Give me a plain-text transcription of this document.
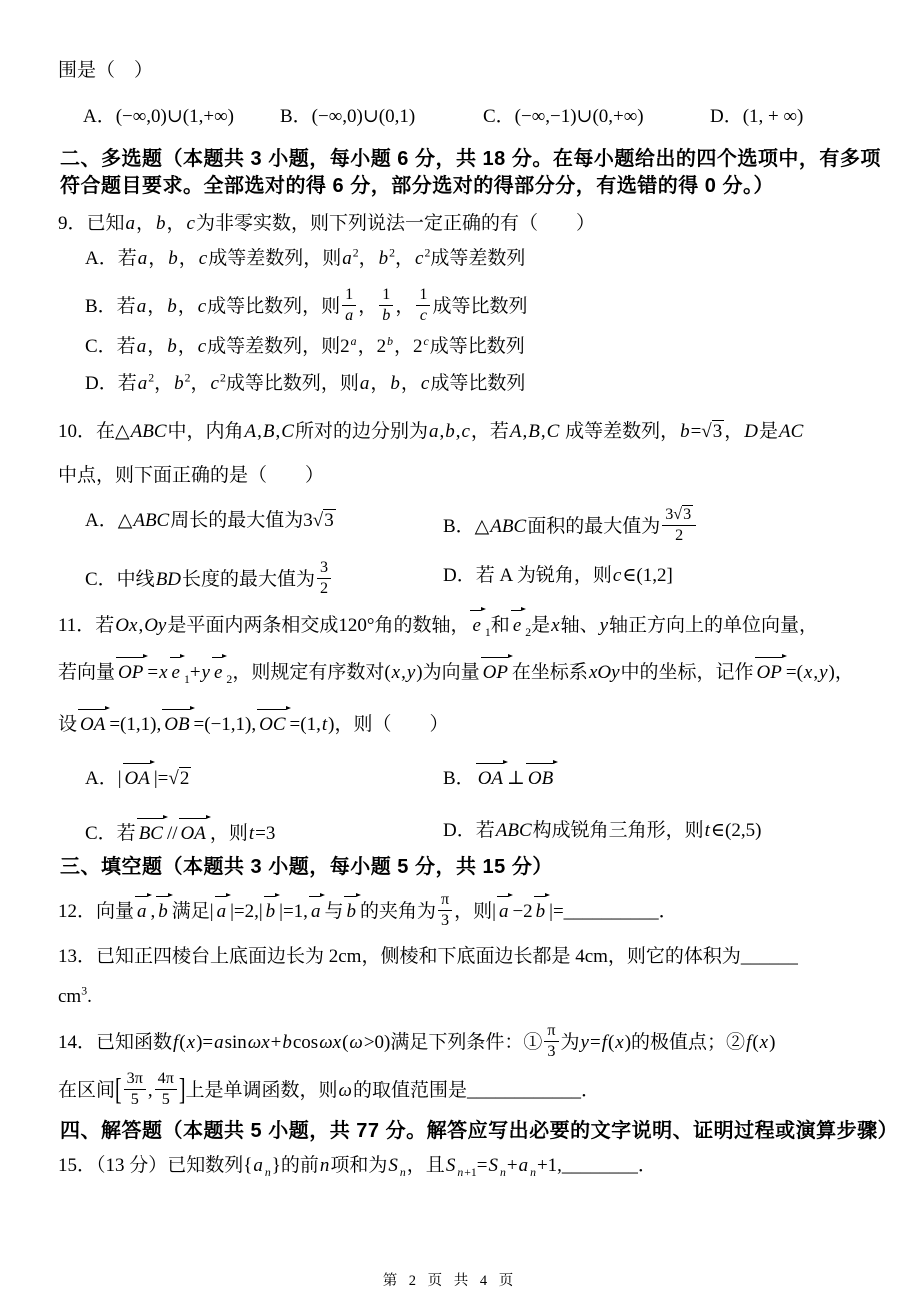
围是（　）
A．(−∞,0)∪(1,+∞) B．(−∞,0)∪(0,1)	C．(−∞,−1)∪(0,+∞)	D．(1, + ∞)
二、多选题（本题共 3 小题，每小题 6 分，共 18 分。在每小题给出的四个选项中，有多项
符合题目要求。全部选对的得 6 分，部分选对的得部分分，有选错的得 0 分。）
9．已知a，b，c为非零实数，则下列说法一定正确的有（　　）
A．若a，b，c成等差数列，则$a^2$，$b^2$，$c^2$成等差数列
B．若a，b，c成等比数列，则 $\frac{1}{a}$ ， $\frac{1}{b}$ ， $\frac{1}{c}$ 成等比数列
C．若a，b，c成等差数列，则2$^a$，2$^b$，2$^c$成等比数列
D．若$a^2$，$b^2$，$c^2$成等比数列，则a，b，c成等比数列
10．在△ABC中，内角A,B,C所对的边分别为a,b,c，若A,B,C 成等差数列，b=√3 ，D是AC
中点，则下面正确的是（　　）
A．△ABC周长的最大值为3√3	B．△ABC面积的最大值为 $\frac{3√3}{2}$
C．中线BD长度的最大值为 $\frac{3}{2}$	D．若 A 为锐角，则c∈(1,2]
11．若Ox,Oy是平面内两条相交成120°角的数轴， e $_1$和 e $_2$是x轴、y轴正方向上的单位向量，
若向量 OP =x e $_1$+y e $_2$，则规定有序数对(x,y)为向量 OP 在坐标系xOy中的坐标，记作 OP =(x,y)，
设 OA =(1,1), OB =(−1,1), OC =(1,t)，则（　　）
A．| OA |=√2	B． OA ⊥ OB
C．若 BC // OA ，则t=3	D．若ABC构成锐角三角形，则t∈(2,5)
三、填空题（本题共 3 小题，每小题 5 分，共 15 分）
12．向量 a , b 满足| a |=2,| b |=1, a 与 b 的夹角为 $\frac{\pi}{3}$ ，则| a −2 b |=__________．
13．已知正四棱台上底面边长为 2cm，侧棱和下底面边长都是 4cm，则它的体积为______
$cm^3$.
14．已知函数f(x)=asinωx+bcosωx(ω>0)满足下列条件：① $\frac{\pi}{3}$ 为y=f(x)的极值点；②f(x)
在区间[ $\frac{3\pi}{5}$ , $\frac{4\pi}{5}$ ]上是单调函数，则ω的取值范围是____________．
四、解答题（本题共 5 小题，共 77 分。解答应写出必要的文字说明、证明过程或演算步骤）
15．（13 分）已知数列{a $_n$}的前n项和为S $_n$，且S $_{n+1}$=S $_n$+a $_n$+1,________．
第 2 页 共 4 页
